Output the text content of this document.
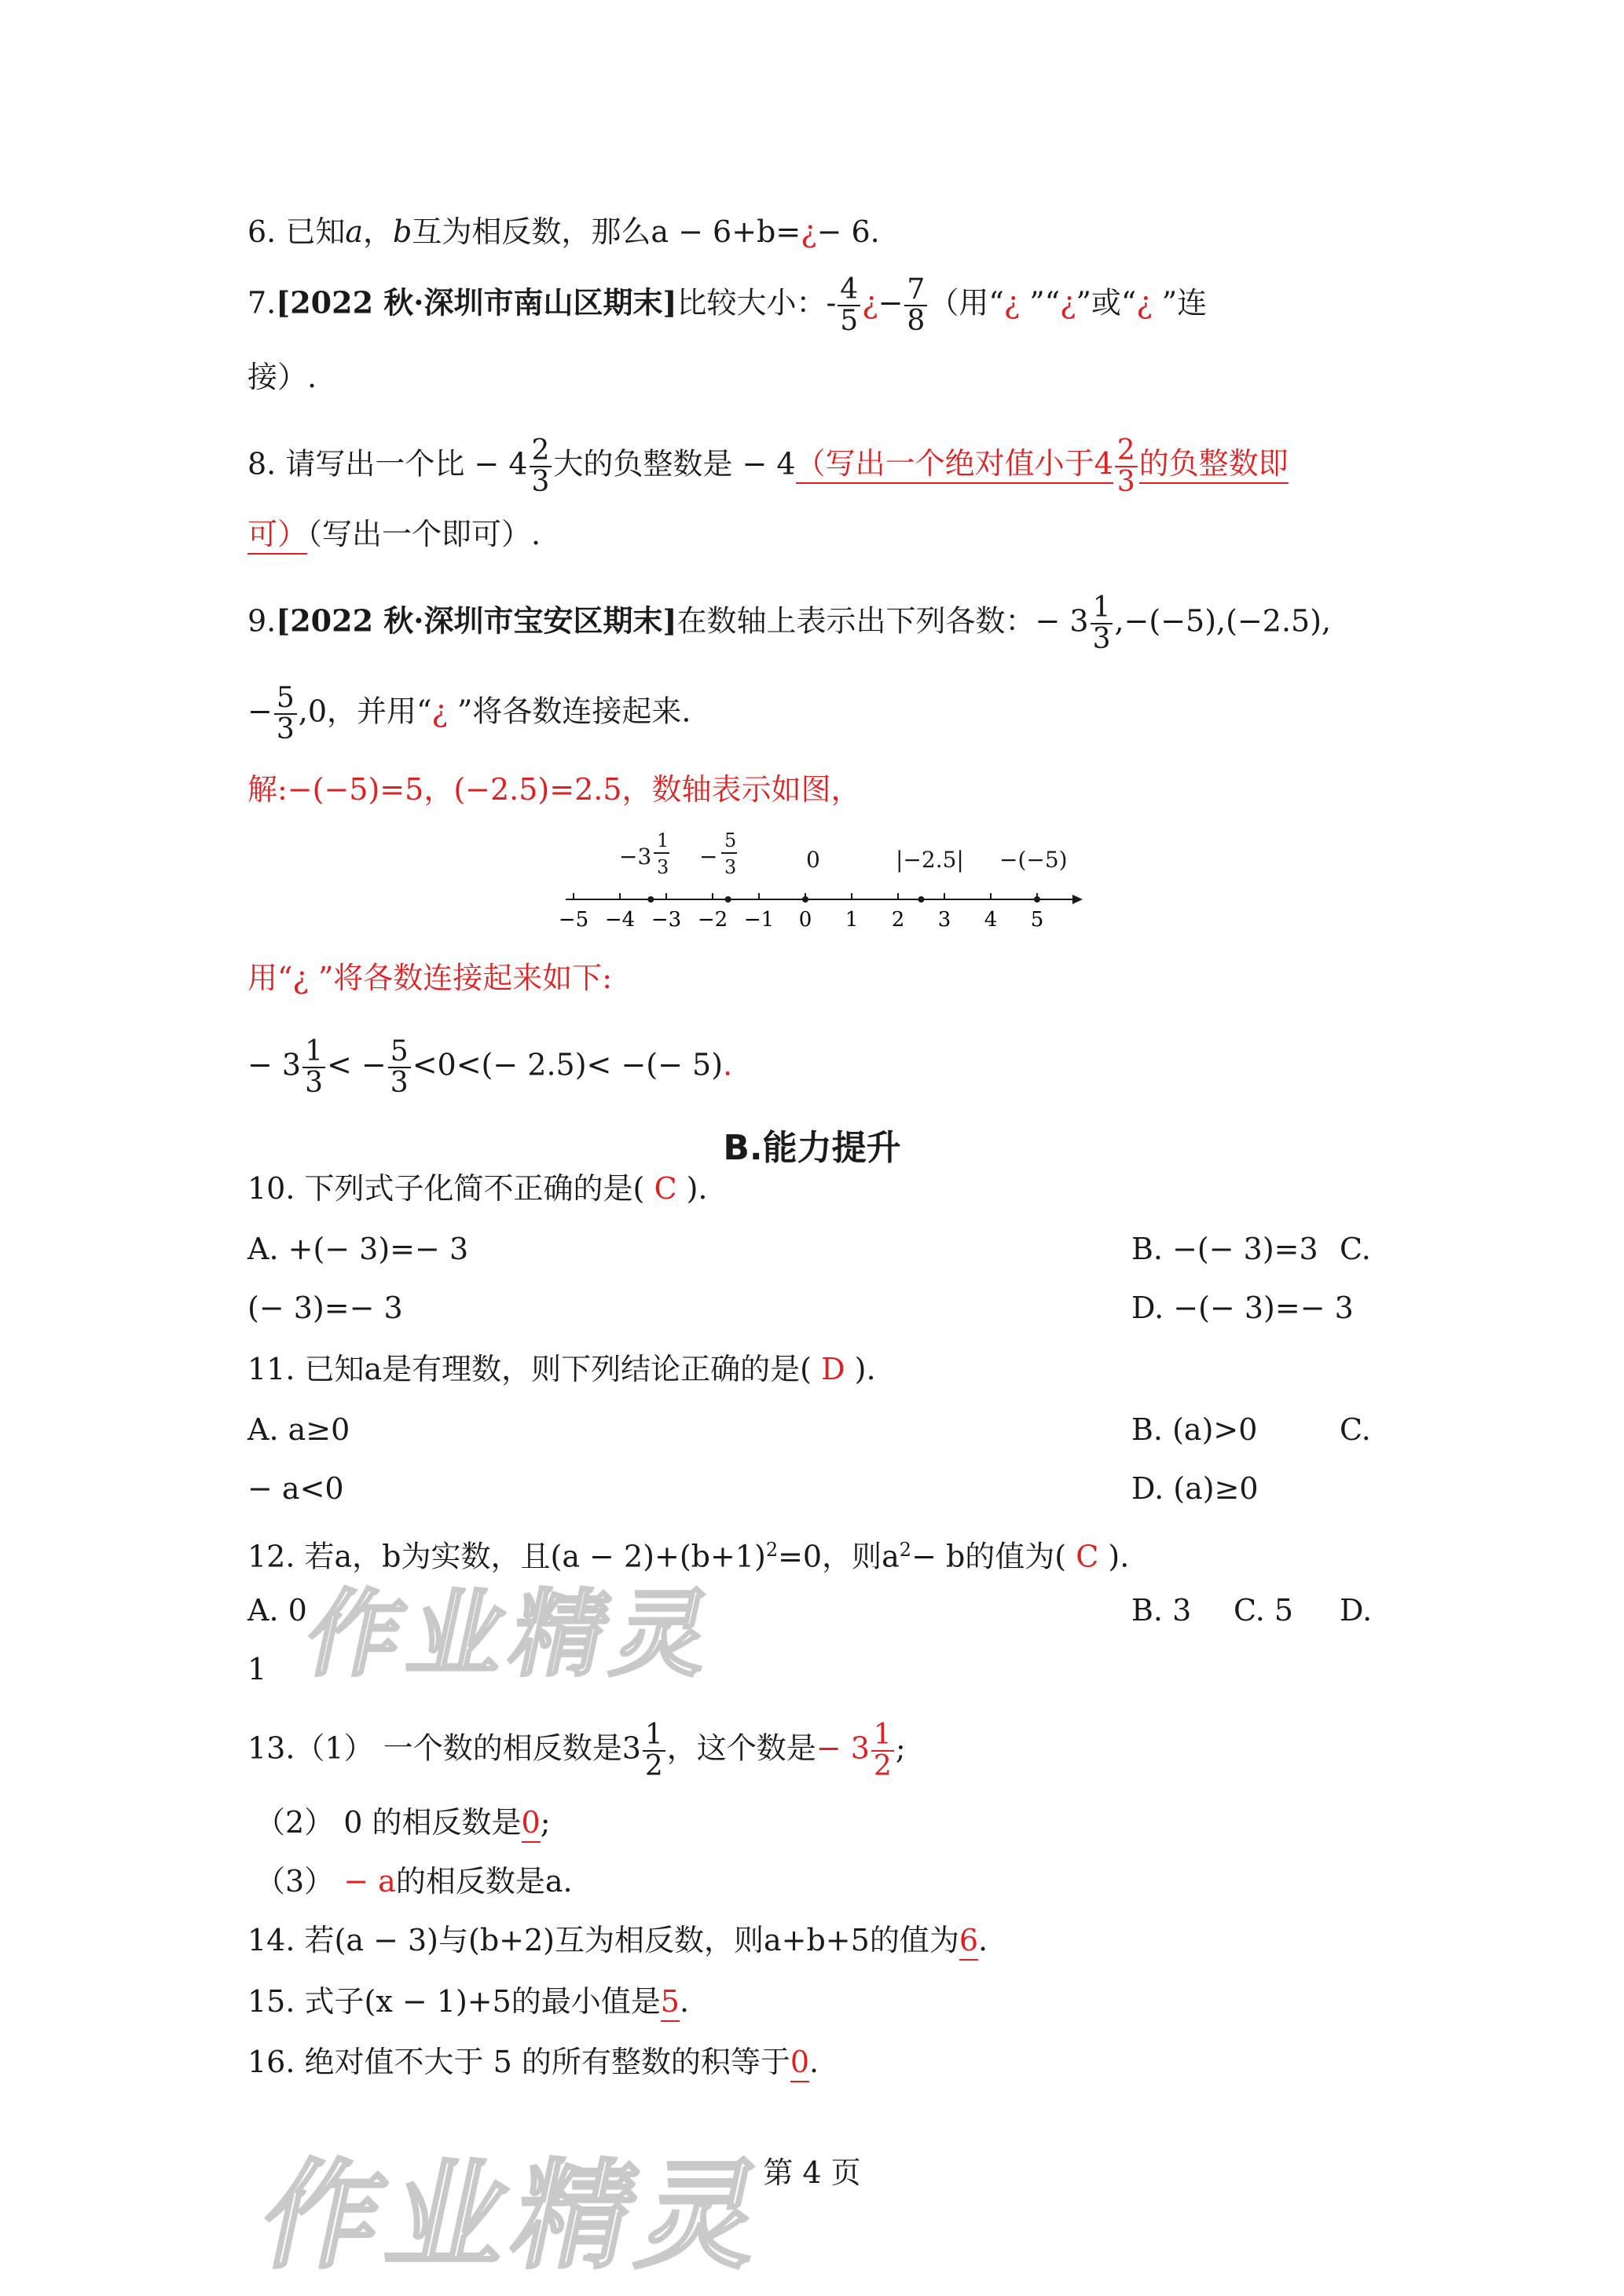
6. 已知a，b互为相反数，那么a − 6+b=¿− 6.
7.[2022 秋·深圳市南山区期末]比较大小：- $\frac{4}{5}$ ¿− $\frac{7}{8}$ （用“¿ ”“¿”或“¿ ”连
接）.
8. 请写出一个比 − $4 \frac{2}{3}$ 大的负整数是 − 4（写出一个绝对值小于$4 \frac{2}{3}$ 的负整数即
可）（写出一个即可）.
9.[2022 秋·深圳市宝安区期末]在数轴上表示出下列各数：− $3 \frac{1}{3} ,-(-5),(-2.5)$,
− $\frac{5}{3} ,0$，并用“¿ ”将各数连接起来.
解:−(−5)=5，(−2.5)=2.5，数轴表示如图，
−3
1
3 −
5
3	0	|−2.5| −(−5)
−5 −4 −3 −2 −1 0 1 2 3 4 5
用“¿ ”将各数连接起来如下:
− $3 \frac{1}{3}$ < − $\frac{5}{3} <0<(- 2.5)<$ −(− 5).
B.能力提升
10. 下列式子化简不正确的是( C ).
A. +(− 3)=− 3	B. −(− 3)=3 C.
(− 3)=− 3	D. −(− 3)=− 3
11. 已知a是有理数，则下列结论正确的是( D ).
A. a≥0	B. (a)>0	C.
− a<0	D. (a)≥0
12. 若a，b为实数，且$(a - 2)+(b+1)^2=0$，则$a^2- b$的值为( C ).
A. 0	B. 3 C. 5 D.
1
13.（1） 一个数的相反数是$3 \frac{1}{2}$ ，这个数是− $3 \frac{1}{2}$ ;
（2） 0 的相反数是0;
（3） − a的相反数是a.
14. 若(a − 3)与(b+2)互为相反数，则a+b+5的值为6.
15. 式子(x − 1)+5的最小值是5.
16. 绝对值不大于 5 的所有整数的积等于0.
第 4 页
作业精灵
作业精灵
